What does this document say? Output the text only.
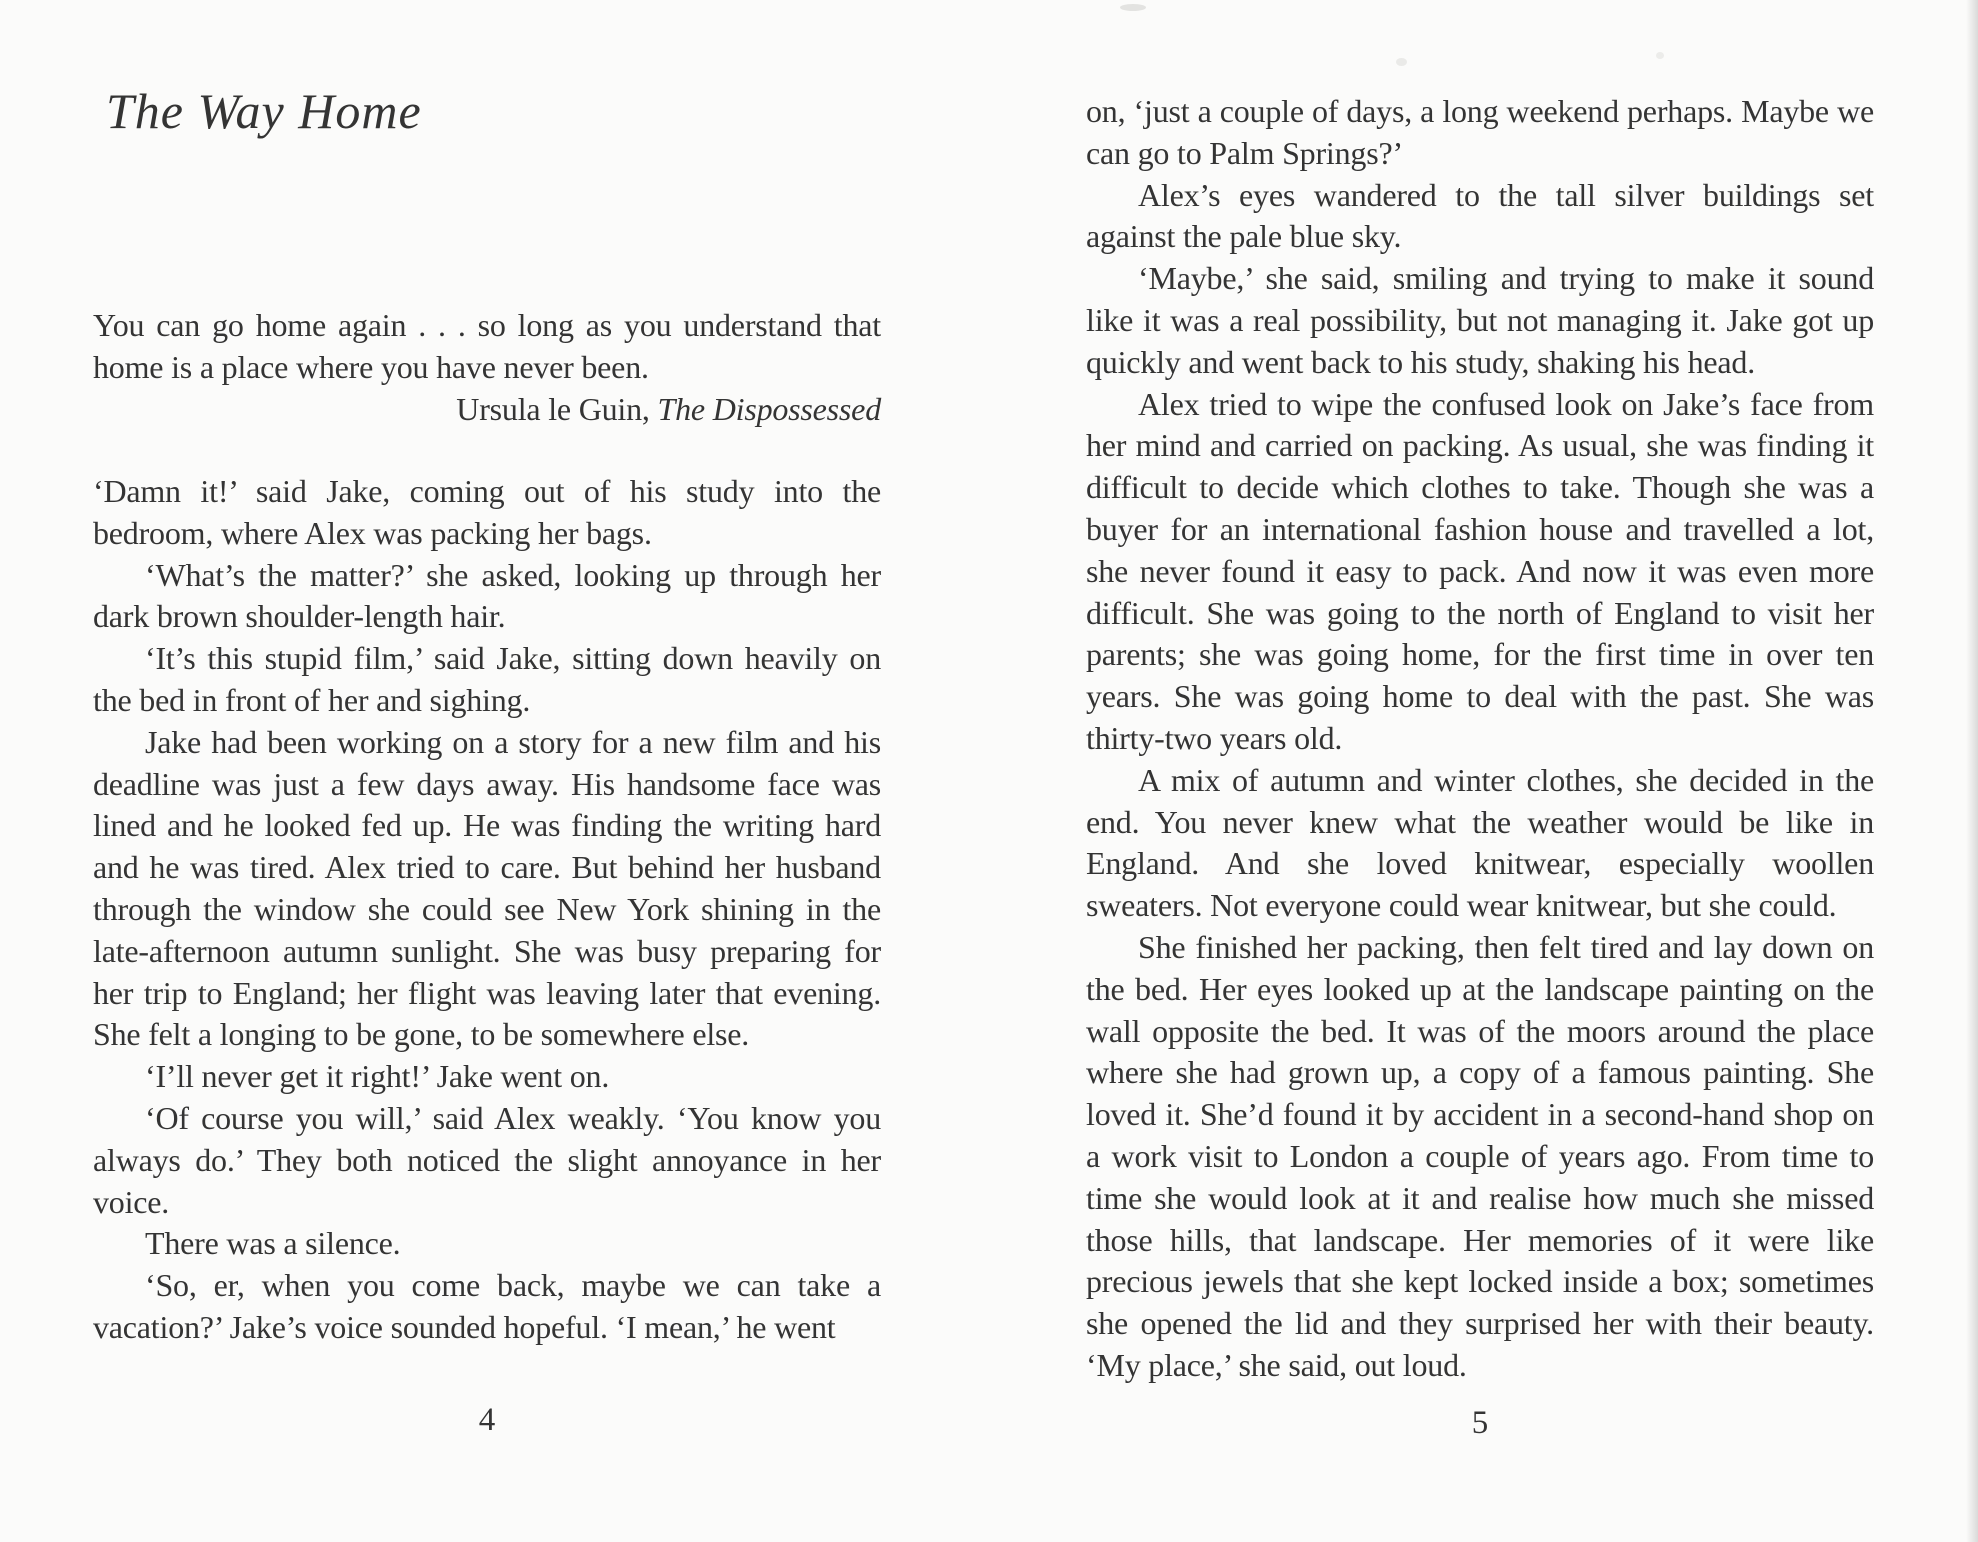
The Way Home

You can go home again . . . so long as you understand that home is a place where you have never been.

Ursula le Guin, The Dispossessed

‘Damn it!’ said Jake, coming out of his study into the bedroom, where Alex was packing her bags.

‘What’s the matter?’ she asked, looking up through her dark brown shoulder-length hair.

‘It’s this stupid film,’ said Jake, sitting down heavily on the bed in front of her and sighing.

Jake had been working on a story for a new film and his deadline was just a few days away. His handsome face was lined and he looked fed up. He was finding the writing hard and he was tired. Alex tried to care. But behind her husband through the window she could see New York shining in the late-afternoon autumn sunlight. She was busy preparing for her trip to England; her flight was leaving later that evening. She felt a longing to be gone, to be somewhere else.

‘I’ll never get it right!’ Jake went on.

‘Of course you will,’ said Alex weakly. ‘You know you always do.’ They both noticed the slight annoyance in her voice.

There was a silence.

‘So, er, when you come back, maybe we can take a vacation?’ Jake’s voice sounded hopeful. ‘I mean,’ he went

4

on, ‘just a couple of days, a long weekend perhaps. Maybe we can go to Palm Springs?’

Alex’s eyes wandered to the tall silver buildings set against the pale blue sky.

‘Maybe,’ she said, smiling and trying to make it sound like it was a real possibility, but not managing it. Jake got up quickly and went back to his study, shaking his head.

Alex tried to wipe the confused look on Jake’s face from her mind and carried on packing. As usual, she was finding it difficult to decide which clothes to take. Though she was a buyer for an international fashion house and travelled a lot, she never found it easy to pack. And now it was even more difficult. She was going to the north of England to visit her parents; she was going home, for the first time in over ten years. She was going home to deal with the past. She was thirty-two years old.

A mix of autumn and winter clothes, she decided in the end. You never knew what the weather would be like in England. And she loved knitwear, especially woollen sweaters. Not everyone could wear knitwear, but she could.

She finished her packing, then felt tired and lay down on the bed. Her eyes looked up at the landscape painting on the wall opposite the bed. It was of the moors around the place where she had grown up, a copy of a famous painting. She loved it. She’d found it by accident in a second-hand shop on a work visit to London a couple of years ago. From time to time she would look at it and realise how much she missed those hills, that landscape. Her memories of it were like precious jewels that she kept locked inside a box; sometimes she opened the lid and they surprised her with their beauty. ‘My place,’ she said, out loud.

5
